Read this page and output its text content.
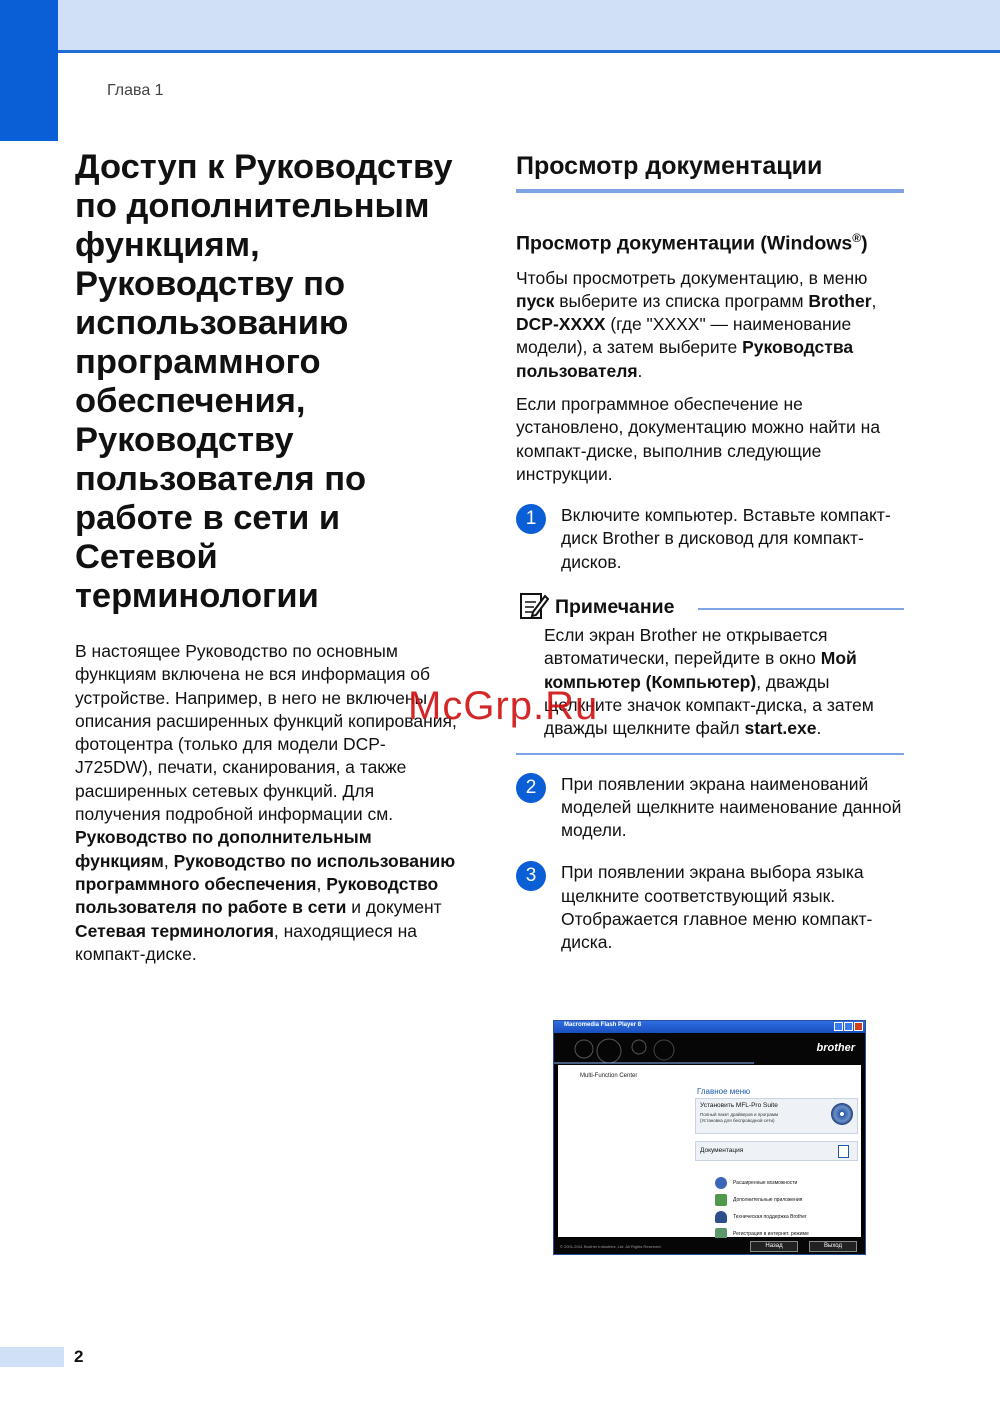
Глава 1
Доступ к Руководству по дополнительным функциям, Руководству по использованию программного обеспечения, Руководству пользователя по работе в сети и Сетевой терминологии

В настоящее Руководство по основным функциям включена не вся информация об устройстве. Например, в него не включены описания расширенных функций копирования, фотоцентра (только для модели DCP-J725DW), печати, сканирования, а также расширенных сетевых функций. Для получения подробной информации см. Руководство по дополнительным функциям, Руководство по использованию программного обеспечения, Руководство пользователя по работе в сети и документ Сетевая терминология, находящиеся на компакт-диске.

Просмотр документации
Просмотр документации (Windows®)

Чтобы просмотреть документацию, в меню пуск выберите из списка программ Brother, DCP-XXXX (где "XXXX" — наименование модели), а затем выберите Руководства пользователя.

Если программное обеспечение не установлено, документацию можно найти на компакт-диске, выполнив следующие инструкции.

1	Включите компьютер. Вставьте компакт-диск Brother в дисковод для компакт-дисков.
Примечание

Если экран Brother не открывается автоматически, перейдите в окно Мой компьютер (Компьютер), дважды щелкните значок компакт-диска, а затем дважды щелкните файл start.exe.

2	При появлении экрана наименований моделей щелкните наименование данной модели.
3	При появлении экрана выбора языка щелкните соответствующий язык. Отображается главное меню компакт-диска.
McGrp.Ru
Macromedia Flash Player 8
brother
Multi-Function Center
Главное меню
Установить MFL-Pro Suite
Полный пакет драйверов и программ
(Установка для беспроводной сети)
Документация
Расширенные возможности
Дополнительные приложения
Техническая поддержка Brother
Регистрация в интернет. режиме
© 2001-2011 Brother Industries, Ltd. All Rights Reserved.	Назад	Выход
2
